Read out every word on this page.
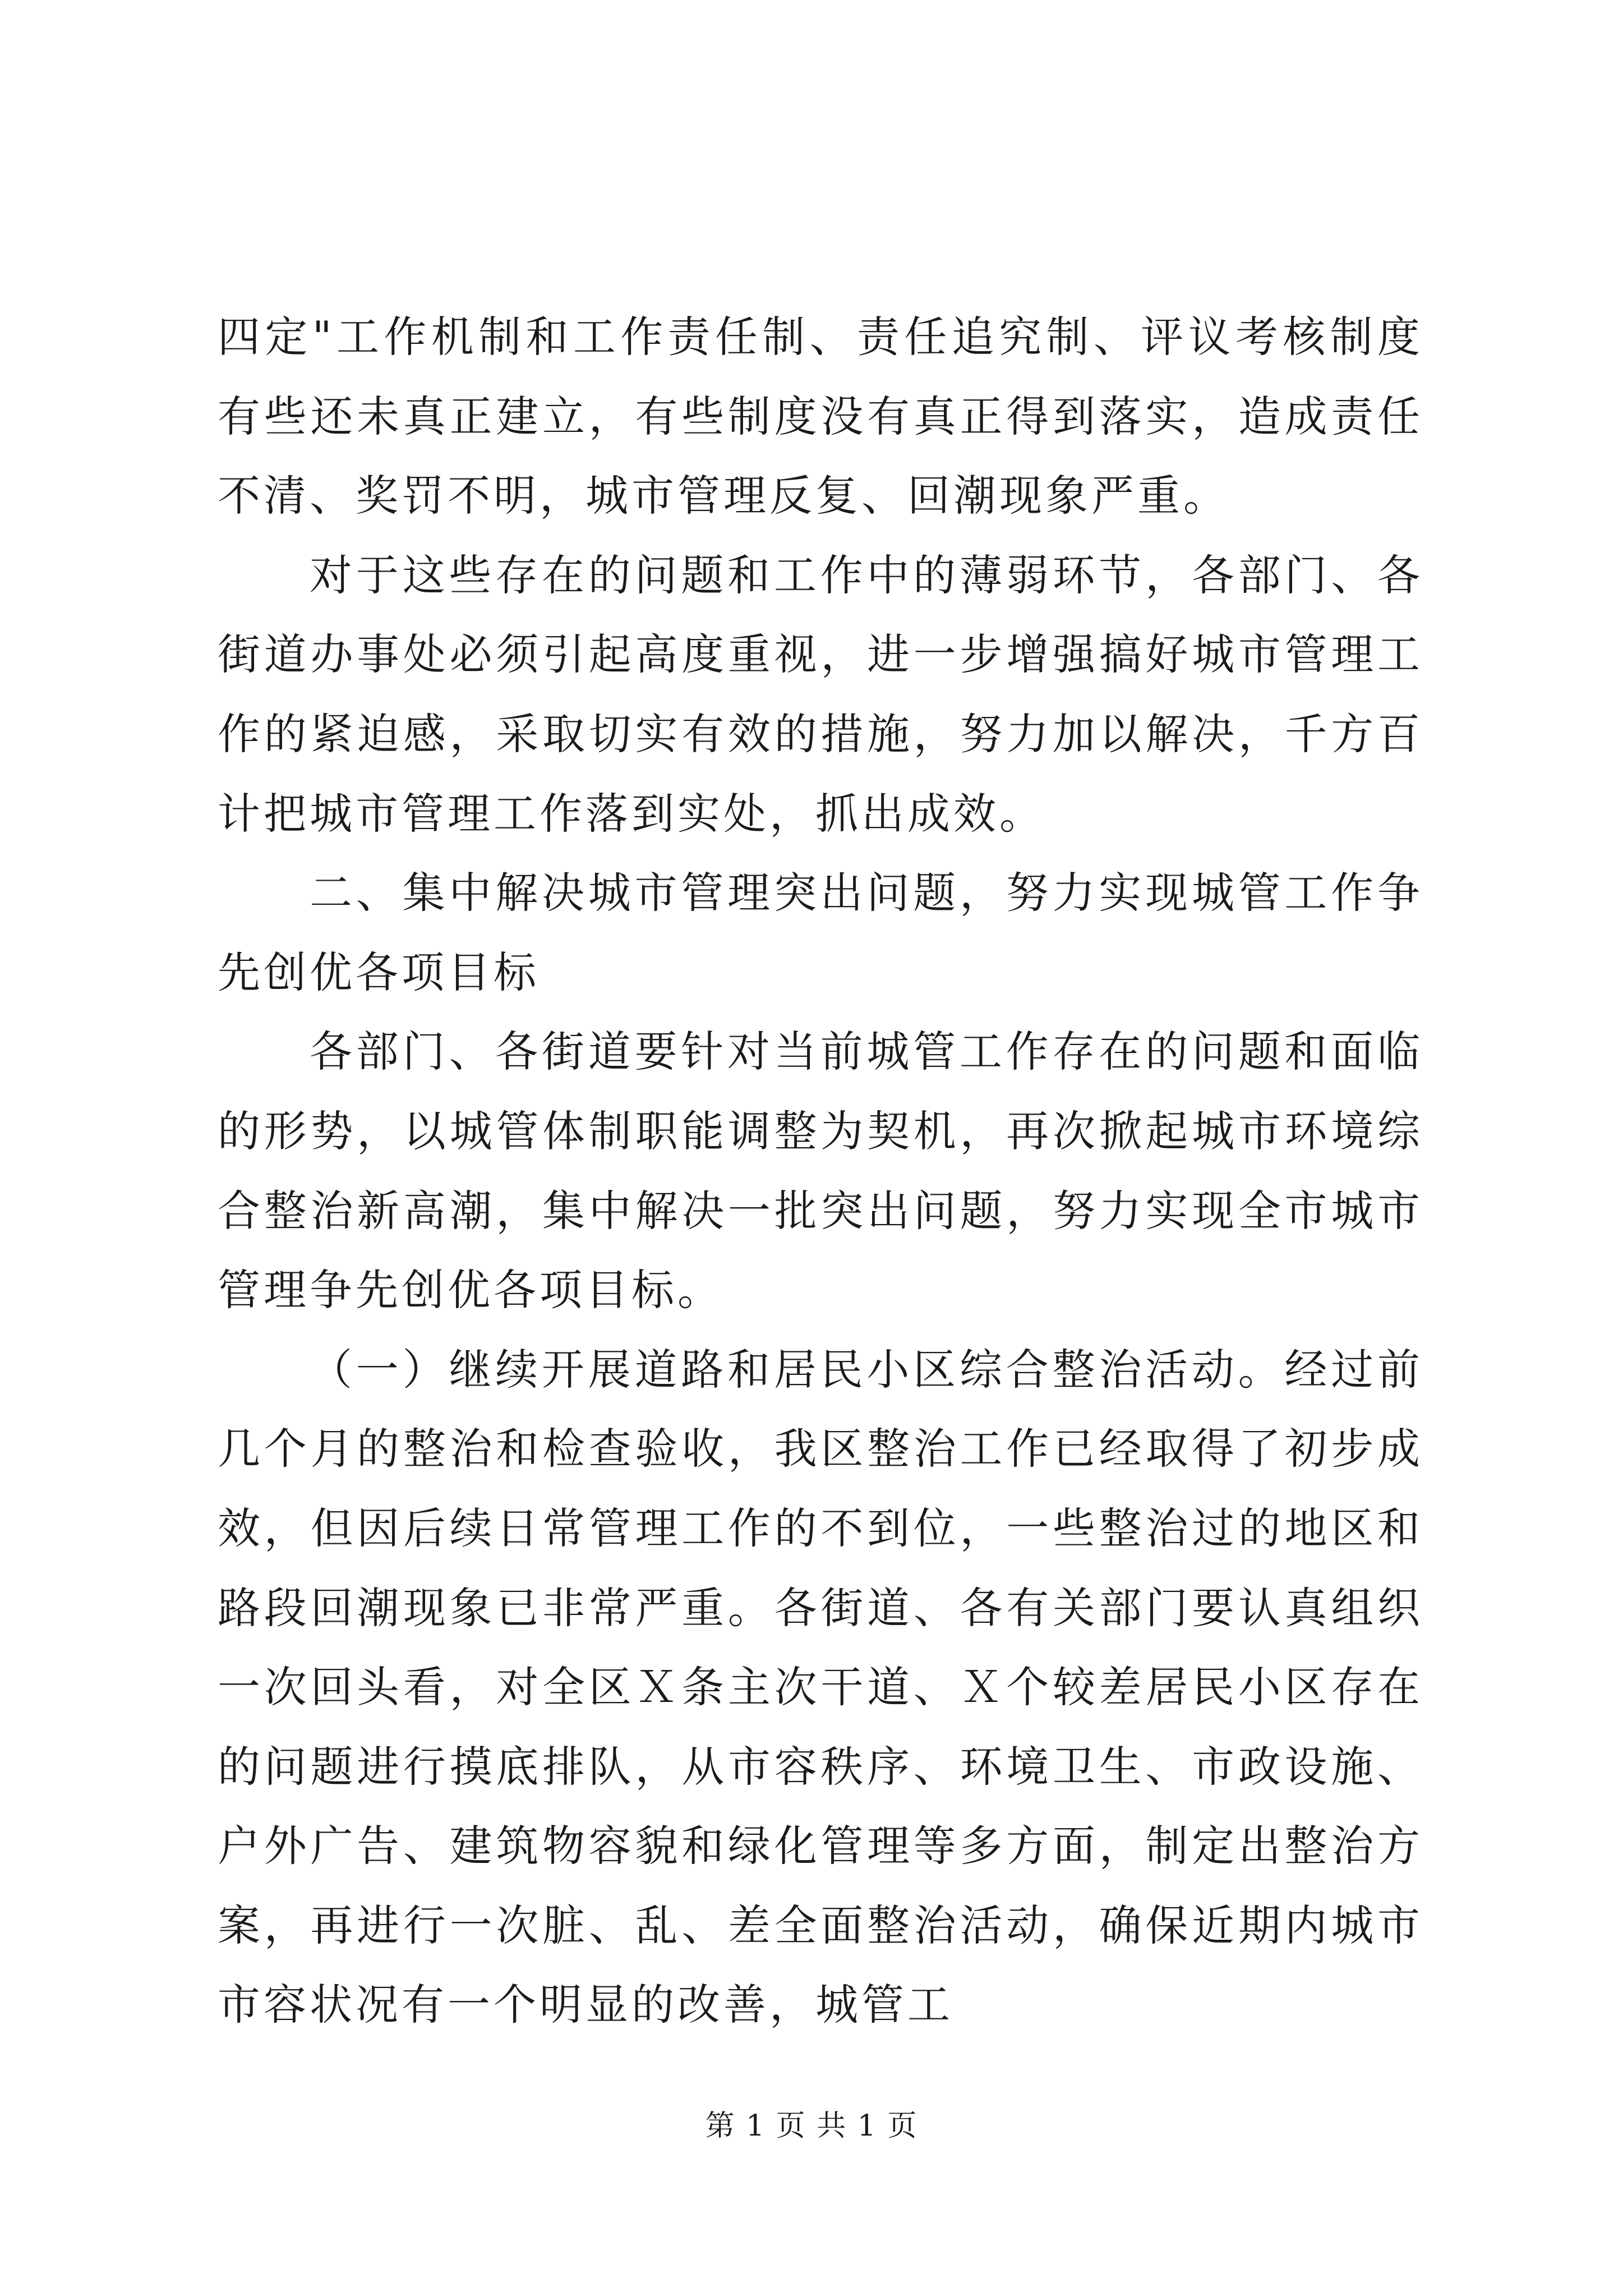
四定"工作机制和工作责任制、责任追究制、评议考核制度有些还未真正建立，有些制度没有真正得到落实，造成责任不清、奖罚不明，城市管理反复、回潮现象严重。

对于这些存在的问题和工作中的薄弱环节，各部门、各街道办事处必须引起高度重视，进一步增强搞好城市管理工作的紧迫感，采取切实有效的措施，努力加以解决，千方百计把城市管理工作落到实处，抓出成效。

二、集中解决城市管理突出问题，努力实现城管工作争先创优各项目标

各部门、各街道要针对当前城管工作存在的问题和面临的形势，以城管体制职能调整为契机，再次掀起城市环境综合整治新高潮，集中解决一批突出问题，努力实现全市城市管理争先创优各项目标。

（一）继续开展道路和居民小区综合整治活动。经过前几个月的整治和检查验收，我区整治工作已经取得了初步成效，但因后续日常管理工作的不到位，一些整治过的地区和路段回潮现象已非常严重。各街道、各有关部门要认真组织一次回头看，对全区Ｘ条主次干道、Ｘ个较差居民小区存在的问题进行摸底排队，从市容秩序、环境卫生、市政设施、户外广告、建筑物容貌和绿化管理等多方面，制定出整治方案，再进行一次脏、乱、差全面整治活动，确保近期内城市市容状况有一个明显的改善，城管工

第 1 页 共 1 页
